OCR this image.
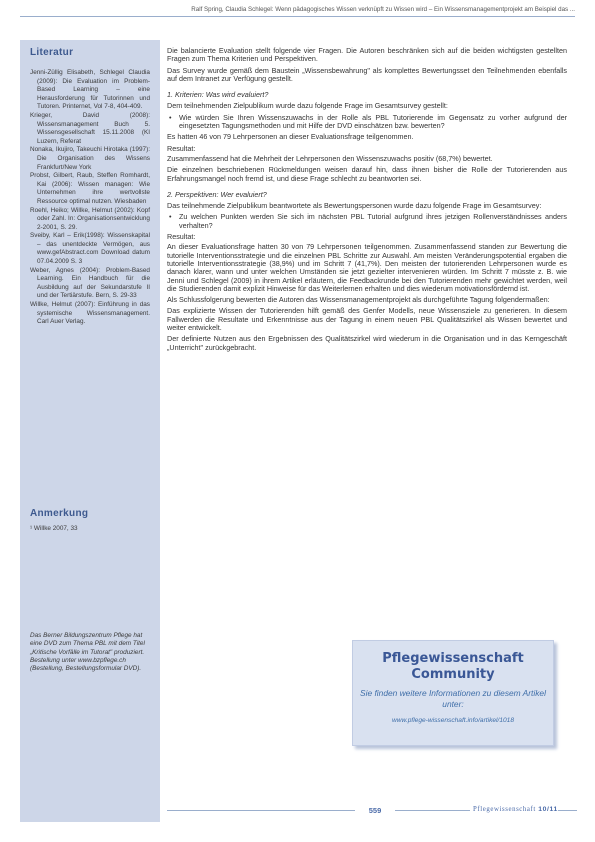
Ralf Spring, Claudia Schlegel: Wenn pädagogisches Wissen verknüpft zu Wissen wird – Ein Wissensmanagementprojekt am Beispiel das ...
Literatur
Jenni-Züllig Elisabeth, Schlegel Claudia (2009): Die Evaluation im Problem-Based Learning – eine Herausforderung für Tutorinnen und Tutoren. Printernet, Vol 7-8, 404-409.
Krieger, David (2008): Wissensmanagement Buch 5. Wissensgesellschaft 15.11.2008 (KI Luzern, Referat
Nonaka, Ikujiro, Takeuchi Hirotaka (1997): Die Organisation des Wissens Frankfurt/New York
Probst, Gilbert, Raub, Steffen Romhardt, Kai (2006): Wissen managen: Wie Unternehmen ihre wertvollste Ressource optimal nutzen. Wiesbaden
Roehl, Heiko; Willke, Helmut (2002): Kopf oder Zahl. In: Organisationsentwicklung 2-2001, S. 29.
Sveiby, Karl – Erik(1998): Wissenskapital – das unentdeckte Vermögen, aus www.gefAbstract.com Download datum 07.04.2009 S. 3
Weber, Agnes (2004): Problem-Based Learning. Ein Handbuch für die Ausbildung auf der Sekundarstufe II und der Tertiärstufe. Bern, S. 29-33
Willke, Helmut (2007): Einführung in das systemische Wissensmanagement. Carl Auer Verlag.
Anmerkung
¹ Willke 2007, 33
Das Berner Bildungszentrum Pflege hat eine DVD zum Thema PBL mit dem Titel „Kritische Vorfälle im Tutorat" produziert. Bestellung unter www.bzpflege.ch (Bestellung, Bestellungsformular DVD).

Die balancierte Evaluation stellt folgende vier Fragen. Die Autoren beschränken sich auf die beiden wichtigsten gestellten Fragen zum Thema Kriterien und Perspektiven.

Das Survey wurde gemäß dem Baustein „Wissensbewahrung" als komplettes Bewertungsset den Teilnehmenden ebenfalls auf dem Intranet zur Verfügung gestellt.

1. Kriterien: Was wird evaluiert?

Dem teilnehmenden Zielpublikum wurde dazu folgende Frage im Gesamtsurvey gestellt:

• Wie würden Sie Ihren Wissenszuwachs in der Rolle als PBL Tutorierende im Gegensatz zu vorher aufgrund der eingesetzten Tagungsmethoden und mit Hilfe der DVD einschätzen bzw. bewerten?

Es hatten 46 von 79 Lehrpersonen an dieser Evaluationsfrage teilgenommen.

Resultat:

Zusammenfassend hat die Mehrheit der Lehrpersonen den Wissenszuwachs positiv (68,7%) bewertet.

Die einzelnen beschriebenen Rückmeldungen weisen darauf hin, dass ihnen bisher die Rolle der Tutorierenden aus Erfahrungsmangel noch fremd ist, und diese Frage schlecht zu beantworten sei.

2. Perspektiven: Wer evaluiert?

Das teilnehmende Zielpublikum beantwortete als Bewertungspersonen wurde dazu folgende Frage im Gesamtsurvey:

• Zu welchen Punkten werden Sie sich im nächsten PBL Tutorial aufgrund ihres jetzigen Rollenverständnisses anders verhalten?

Resultat:

An dieser Evaluationsfrage hatten 30 von 79 Lehrpersonen teilgenommen. Zusammenfassend standen zur Bewertung die tutorielle Interventionsstrategie und die einzelnen PBL Schritte zur Auswahl. Am meisten Veränderungspotential ergaben die tutorielle Interventionsstrategie (38,9%) und im Schritt 7 (41,7%). Den meisten der tutorierenden Lehrpersonen wurde es danach klarer, wann und unter welchen Umständen sie jetzt gezielter intervenieren würden. Im Schritt 7 müsste z. B. wie Jenni und Schlegel (2009) in ihrem Artikel erläutern, die Feedbackrunde bei den Tutorierenden mehr gewichtet werden, weil die Studierenden damit explizit Hinweise für das Weiterlernen erhalten und dies wiederum motivationsfördernd ist.

Als Schlussfolgerung bewerten die Autoren das Wissensmanagementprojekt als durchgeführte Tagung folgendermaßen:

Das explizierte Wissen der Tutorierenden hilft gemäß des Genfer Modells, neue Wissensziele zu generieren. In diesem Fallwerden die Resultate und Erkenntnisse aus der Tagung in einem neuen PBL Qualitätszirkel als Wissen bewertet und weiter entwickelt.

Der definierte Nutzen aus den Ergebnissen des Qualitätszirkel wird wiederum in die Organisation und in das Kerngeschäft „Unterricht" zurückgebracht.

Pflegewissenschaft
Community
Sie finden weitere Informationen zu diesem Artikel unter:
www.pflege-wissenschaft.info/artikel/1018
559	Pflegewissenschaft 10/11
